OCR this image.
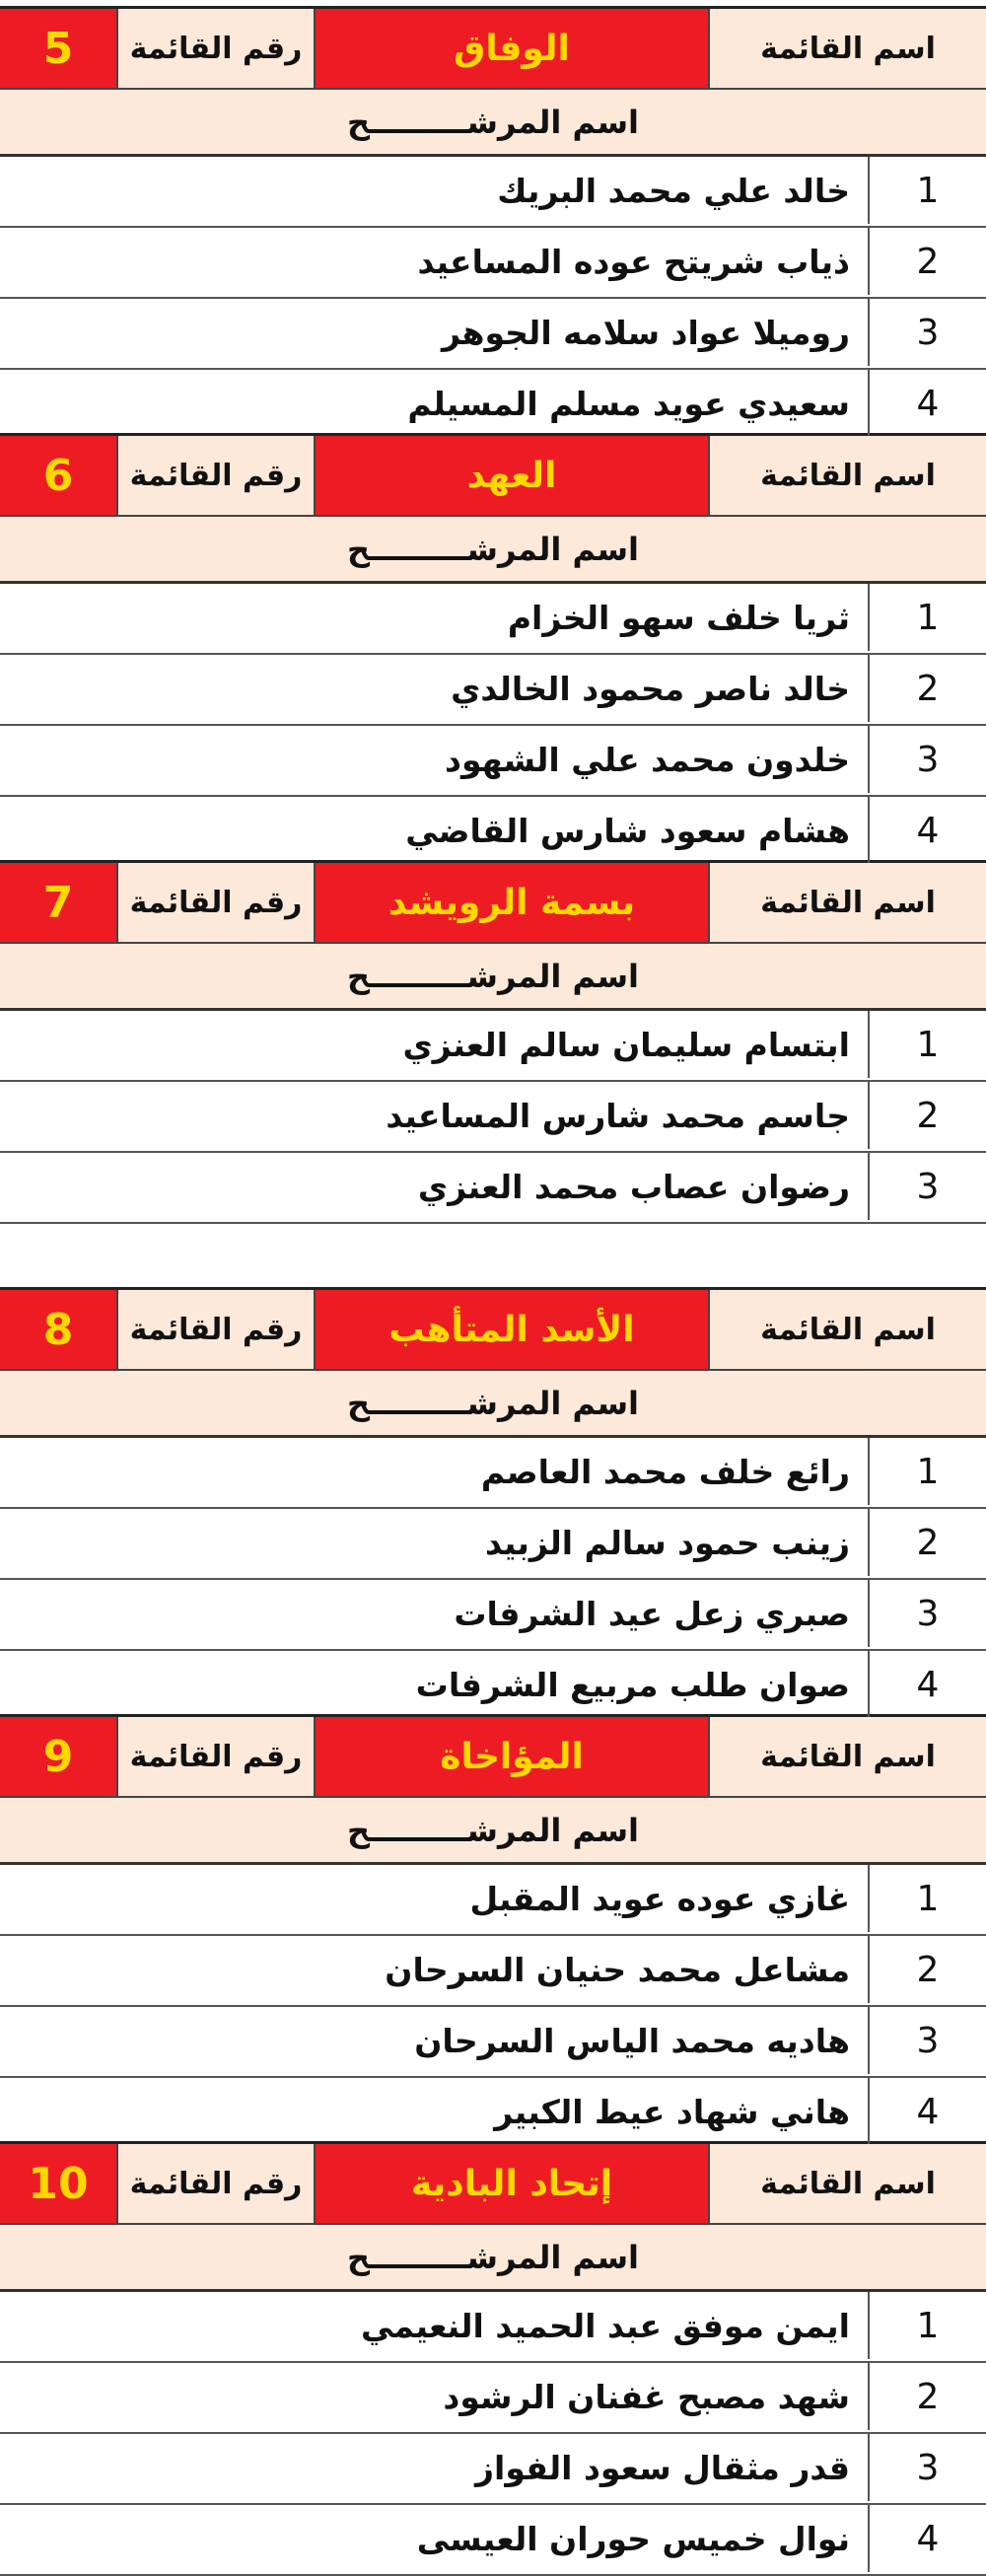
اسم القائمة
الوفاق
رقم القائمة
5
اسم المرشـــــــــح
1
خالد علي محمد البريك
2
ذياب شريتح عوده المساعيد
3
روميلا عواد سلامه الجوهر
4
سعيدي عويد مسلم المسيلم
اسم القائمة
العهد
رقم القائمة
6
اسم المرشـــــــــح
1
ثريا خلف سهو الخزام
2
خالد ناصر محمود الخالدي
3
خلدون محمد علي الشهود
4
هشام سعود شارس القاضي
اسم القائمة
بسمة الرويشد
رقم القائمة
7
اسم المرشـــــــــح
1
ابتسام سليمان سالم العنزي
2
جاسم محمد شارس المساعيد
3
رضوان عصاب محمد العنزي
اسم القائمة
الأسد المتأهب
رقم القائمة
8
اسم المرشـــــــــح
1
رائع خلف محمد العاصم
2
زينب حمود سالم الزبيد
3
صبري زعل عيد الشرفات
4
صوان طلب مربيع الشرفات
اسم القائمة
المؤاخاة
رقم القائمة
9
اسم المرشـــــــــح
1
غازي عوده عويد المقبل
2
مشاعل محمد حنيان السرحان
3
هاديه محمد الياس السرحان
4
هاني شهاد عيط الكبير
اسم القائمة
إتحاد البادية
رقم القائمة
10
اسم المرشـــــــــح
1
ايمن موفق عبد الحميد النعيمي
2
شهد مصبح غفنان الرشود
3
قدر مثقال سعود الفواز
4
نوال خميس حوران العيسى
